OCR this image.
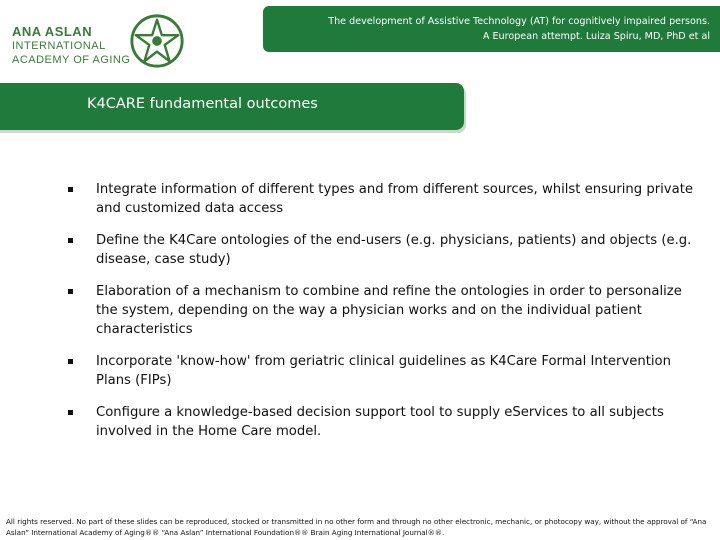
ANA ASLAN
INTERNATIONAL
ACADEMY OF AGING
The development of Assistive Technology (AT) for cognitively impaired persons.
A European attempt. Luiza Spiru, MD, PhD et al
K4CARE fundamental outcomes
Integrate information of different types and from different sources, whilst ensuring private and customized data access
Define the K4Care ontologies of the end-users (e.g. physicians, patients) and objects (e.g. disease, case study)
Elaboration of a mechanism to combine and refine the ontologies in order to personalize the system, depending on the way a physician works and on the individual patient characteristics
Incorporate 'know-how' from geriatric clinical guidelines as K4Care Formal Intervention Plans (FIPs)
Configure a knowledge-based decision support tool to supply eServices to all subjects involved in the Home Care model.
All rights reserved. No part of these slides can be reproduced, stocked or transmitted in no other form and through no other electronic, mechanic, or photocopy way, without the approval of “Ana Aslan” International Academy of Aging®® “Ana Aslan” International Foundation®® Brain Aging International Journal®®.
